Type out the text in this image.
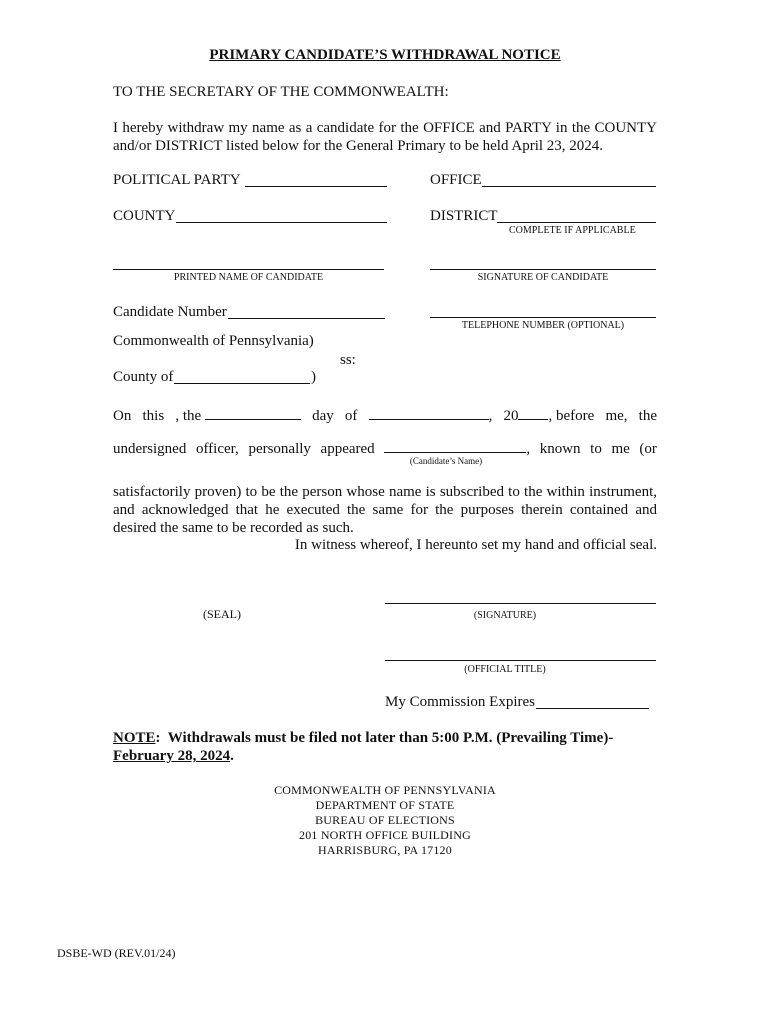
PRIMARY CANDIDATE’S WITHDRAWAL NOTICE
TO THE SECRETARY OF THE COMMONWEALTH:
I hereby withdraw my name as a candidate for the OFFICE and PARTY in the COUNTY and/or DISTRICT listed below for the General Primary to be held April 23, 2024.
POLITICAL PARTY	OFFICE
COUNTY	DISTRICT
COMPLETE IF APPLICABLE
PRINTED NAME OF CANDIDATE	SIGNATURE OF CANDIDATE
Candidate Number
TELEPHONE NUMBER (OPTIONAL)
Commonwealth of Pennsylvania)
ss:
County of	)
On this , the	day of	, 20 , before me, the
undersigned officer, personally appeared	, known to me (or
(Candidate’s Name)
satisfactorily proven) to be the person whose name is subscribed to the within instrument, and acknowledged that he executed the same for the purposes therein contained and desired the same to be recorded as such.
In witness whereof, I hereunto set my hand and official seal.
(SEAL)	(SIGNATURE)
(OFFICIAL TITLE)
My Commission Expires
NOTE: Withdrawals must be filed not later than 5:00 P.M. (Prevailing Time)-
February 28, 2024.
COMMONWEALTH OF PENNSYLVANIA
DEPARTMENT OF STATE
BUREAU OF ELECTIONS
201 NORTH OFFICE BUILDING
HARRISBURG, PA 17120
DSBE-WD (REV.01/24)
